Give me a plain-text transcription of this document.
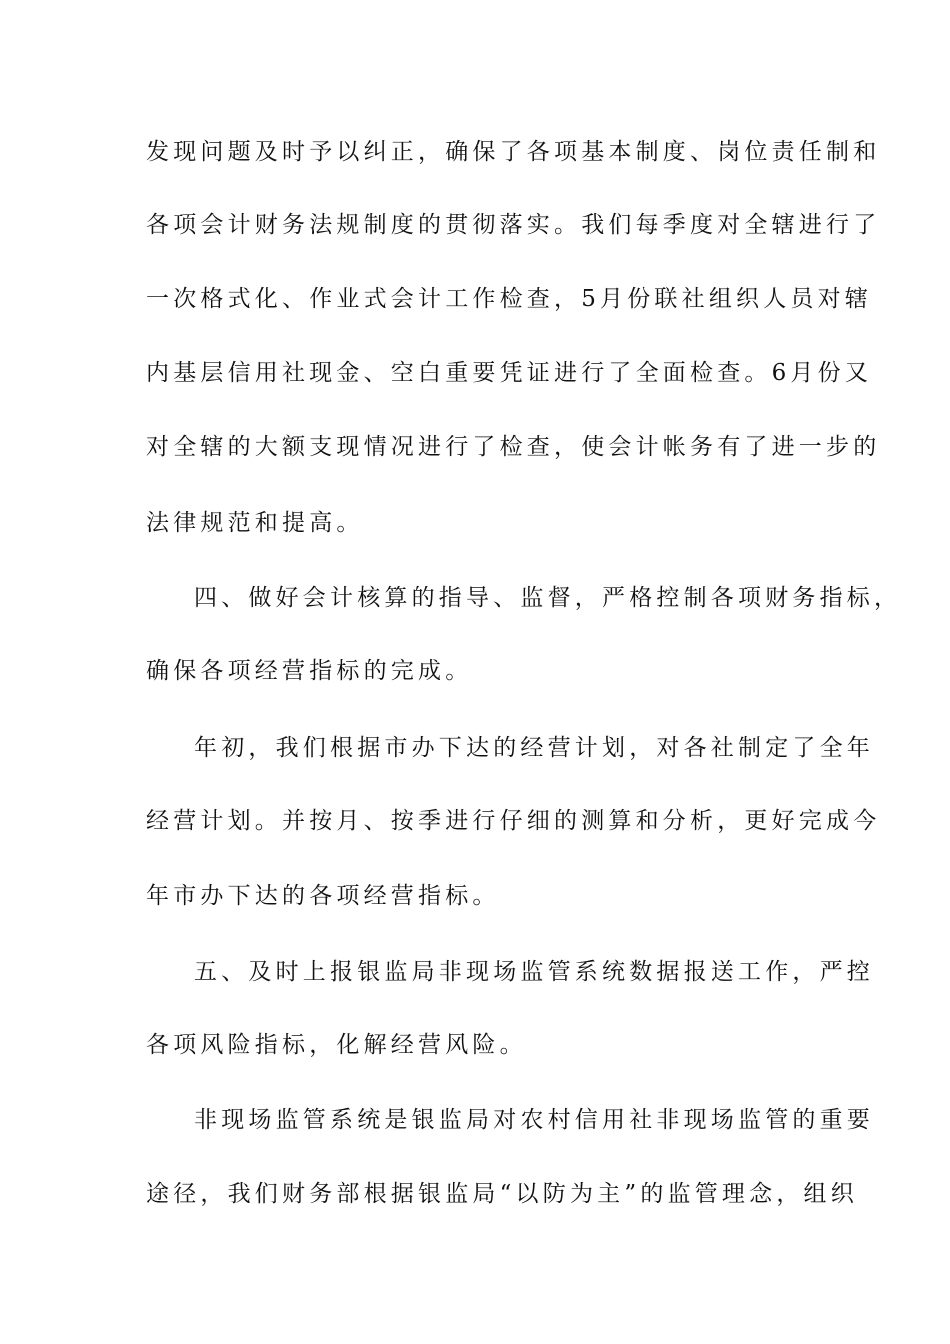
发现问题及时予以纠正，确保了各项基本制度、岗位责任制和
各项会计财务法规制度的贯彻落实。我们每季度对全辖进行了
一次格式化、作业式会计工作检查，5月份联社组织人员对辖
内基层信用社现金、空白重要凭证进行了全面检查。6月份又
对全辖的大额支现情况进行了检查，使会计帐务有了进一步的
法律规范和提高。
四、做好会计核算的指导、监督，严格控制各项财务指标，
确保各项经营指标的完成。
年初，我们根据市办下达的经营计划，对各社制定了全年
经营计划。并按月、按季进行仔细的测算和分析，更好完成今
年市办下达的各项经营指标。
五、及时上报银监局非现场监管系统数据报送工作，严控
各项风险指标，化解经营风险。
非现场监管系统是银监局对农村信用社非现场监管的重要
途径，我们财务部根据银监局“以防为主”的监管理念，组织
